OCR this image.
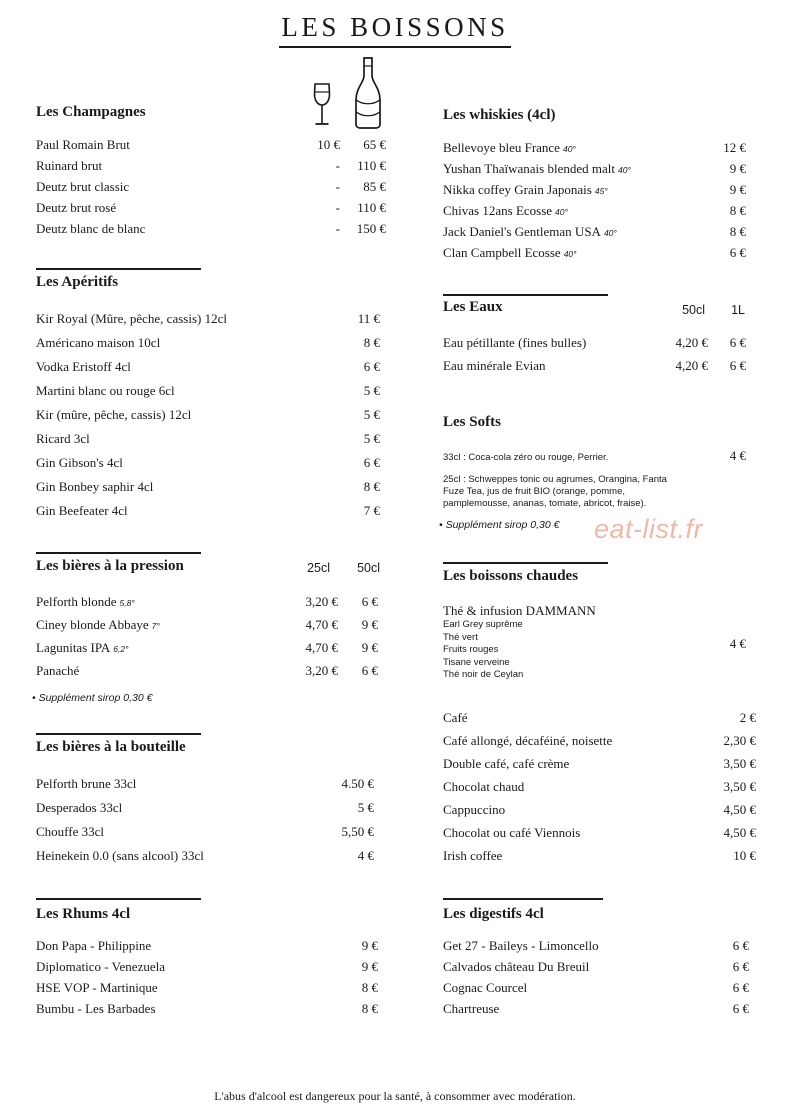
LES BOISSONS
Les Champagnes
Paul Romain Brut	10 €	65 €
Ruinard brut	-	110 €
Deutz brut classic	-	85 €
Deutz brut rosé	-	110 €
Deutz blanc de blanc	-	150 €
Les Apéritifs
Kir Royal (Mûre, pêche, cassis) 12cl	11 €
Américano maison 10cl	8 €
Vodka Eristoff 4cl	6 €
Martini blanc ou rouge 6cl	5 €
Kir (mûre, pêche, cassis) 12cl	5 €
Ricard 3cl	5 €
Gin Gibson's 4cl	6 €
Gin Bonbey saphir 4cl	8 €
Gin Beefeater 4cl	7 €
Les bières à la pression	25cl	50cl
Pelforth blonde 5,8°	3,20 €	6 €
Ciney blonde Abbaye 7°	4,70 €	9 €
Lagunitas IPA 6,2°	4,70 €	9 €
Panaché	3,20 €	6 €
• Supplément sirop 0,30 €
Les bières à la bouteille
Pelforth brune 33cl	4.50 €
Desperados 33cl	5 €
Chouffe 33cl	5,50 €
Heinekein 0.0 (sans alcool) 33cl	4 €
Les Rhums 4cl
Don Papa - Philippine	9 €
Diplomatico - Venezuela	9 €
HSE VOP - Martinique	8 €
Bumbu - Les Barbades	8 €
Les whiskies (4cl)
Bellevoye bleu France 40°	12 €
Yushan Thaïwanais blended malt 40°	9 €
Nikka coffey Grain Japonais 45°	9 €
Chivas 12ans Ecosse 40°	8 €
Jack Daniel's Gentleman USA 40°	8 €
Clan Campbell Ecosse 40°	6 €
Les Eaux	50cl	1L
Eau pétillante (fines bulles)	4,20 €	6 €
Eau minérale Evian	4,20 €	6 €
Les Softs
33cl : Coca-cola zéro ou rouge, Perrier.
25cl : Schweppes tonic ou agrumes, Orangina, Fanta
Fuze Tea, jus de fruit BIO (orange, pomme,
pamplemousse, ananas, tomate, abricot, fraise).
4 €
• Supplément sirop 0,30 € eat-list.fr
Les boissons chaudes
Thé & infusion DAMMANN
Earl Grey suprême
Thé vert
Fruits rouges
Tisane verveine
Thé noir de Ceylan
4 €
Café	2 €
Café allongé, décaféiné, noisette	2,30 €
Double café, café crème	3,50 €
Chocolat chaud	3,50 €
Cappuccino	4,50 €
Chocolat ou café Viennois	4,50 €
Irish coffee	10 €
Les digestifs 4cl
Get 27 - Baileys - Limoncello	6 €
Calvados château Du Breuil	6 €
Cognac Courcel	6 €
Chartreuse	6 €
L'abus d'alcool est dangereux pour la santé, à consommer avec modération.
